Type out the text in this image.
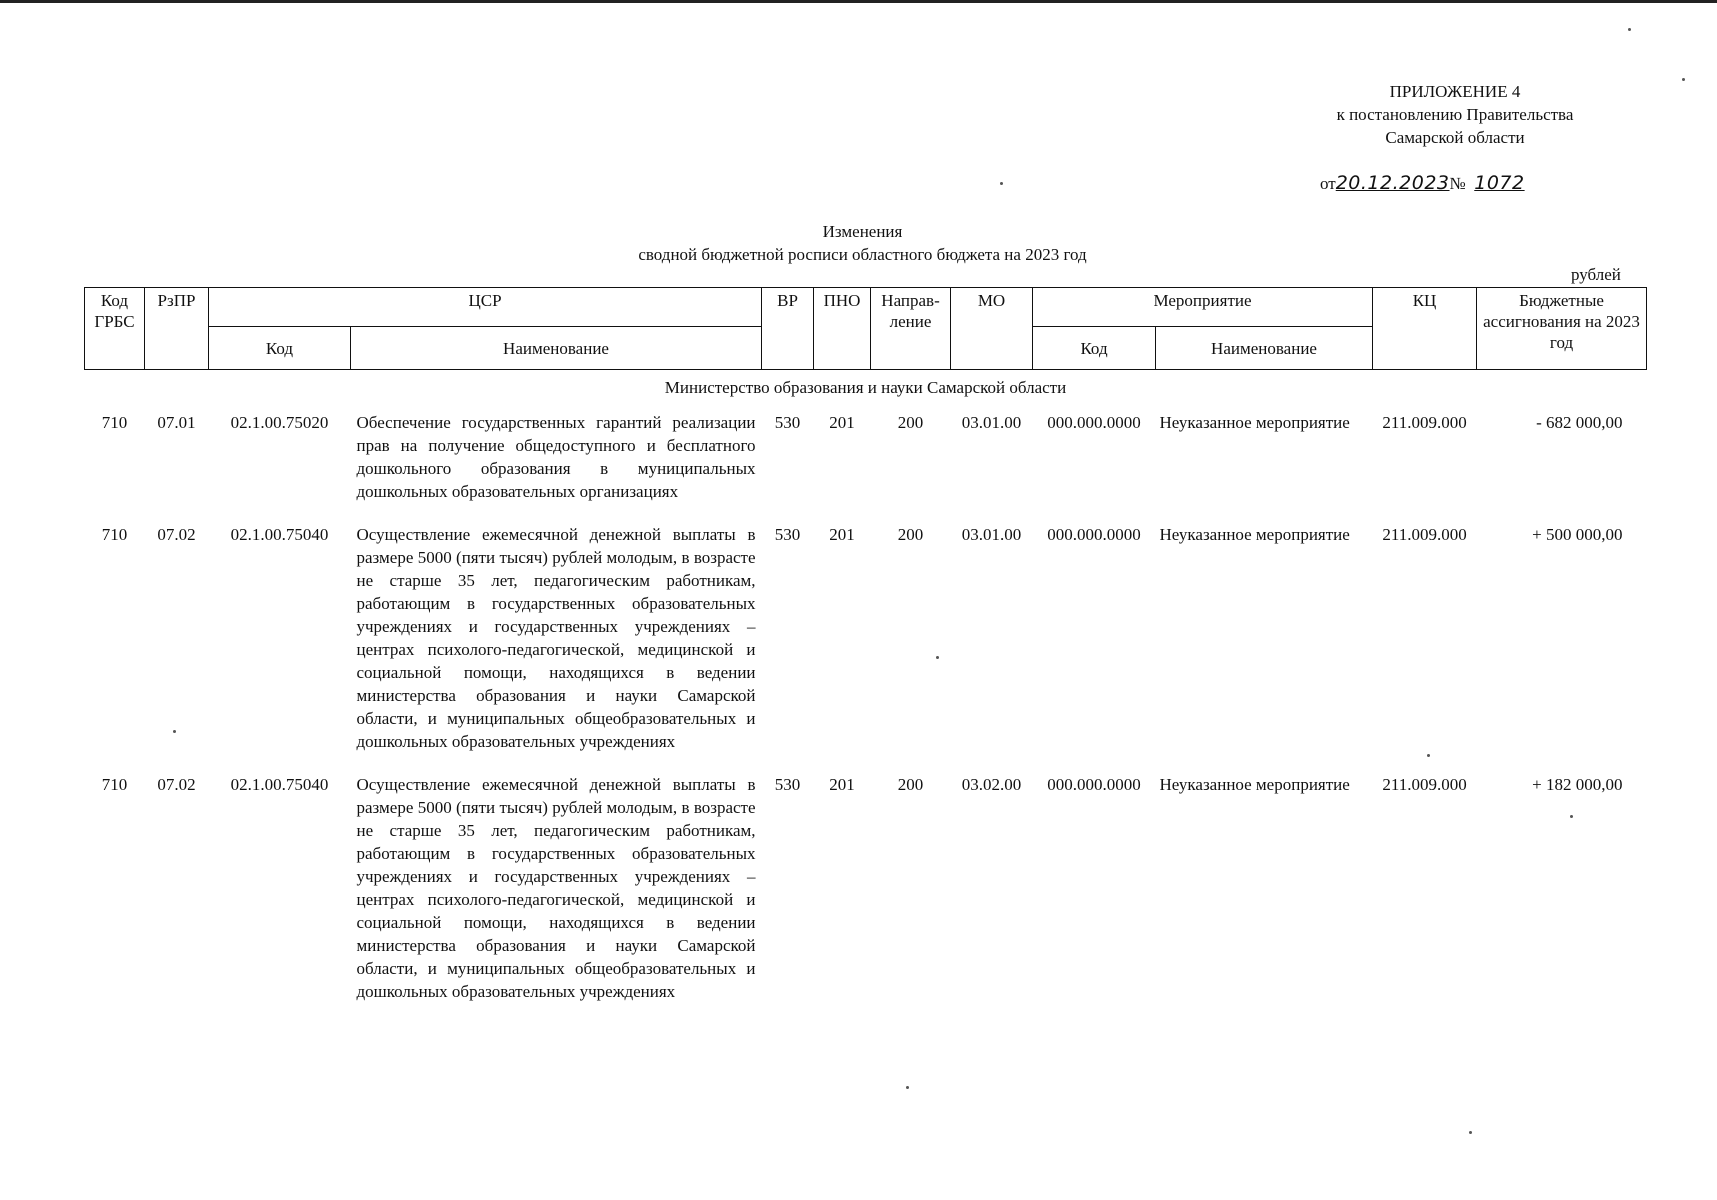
ПРИЛОЖЕНИЕ 4
к постановлению Правительства
Самарской области
от20.12.2023№ 1072
Изменения
сводной бюджетной росписи областного бюджета на 2023 год
рублей
Код ГРБС	РзПР	ЦСР		ВР	ПНО	Направ-ление	МО	Мероприятие		КЦ	Бюджетные ассигнования на 2023 год
		Код	Наименование					Код	Наименование		
Министерство образования и науки Самарской области											
710	07.01	02.1.00.75020	Обеспечение государственных гарантий реализации прав на получение общедоступного и бесплатного дошкольного образования в муниципальных дошкольных образовательных организациях	530	201	200	03.01.00	000.000.0000	Неуказанное мероприятие	211.009.000	- 682 000,00
710	07.02	02.1.00.75040	Осуществление ежемесячной денежной выплаты в размере 5000 (пяти тысяч) рублей молодым, в возрасте не старше 35 лет, педагогическим работникам, работающим в государственных образовательных учреждениях и государственных учреждениях – центрах психолого-педагогической, медицинской и социальной помощи, находящихся в ведении министерства образования и науки Самарской области, и муниципальных общеобразовательных и дошкольных образовательных учреждениях	530	201	200	03.01.00	000.000.0000	Неуказанное мероприятие	211.009.000	+ 500 000,00
710	07.02	02.1.00.75040	Осуществление ежемесячной денежной выплаты в размере 5000 (пяти тысяч) рублей молодым, в возрасте не старше 35 лет, педагогическим работникам, работающим в государственных образовательных учреждениях и государственных учреждениях – центрах психолого-педагогической, медицинской и социальной помощи, находящихся в ведении министерства образования и науки Самарской области, и муниципальных общеобразовательных и дошкольных образовательных учреждениях	530	201	200	03.02.00	000.000.0000	Неуказанное мероприятие	211.009.000	+ 182 000,00
